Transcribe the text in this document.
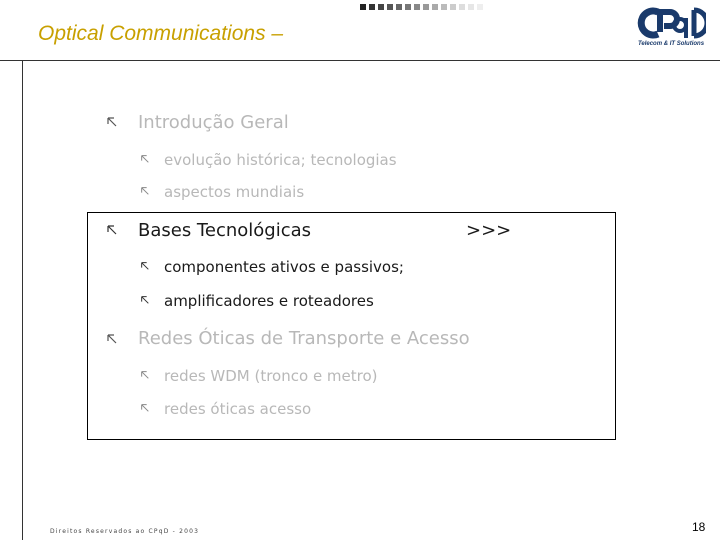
Optical Communications –	Telecom & IT Solutions
Introdução Geral
evolução histórica; tecnologias
aspectos mundiais
Bases Tecnológicas	>>>
componentes ativos e passivos;
amplificadores e roteadores
Redes Óticas de Transporte e Acesso
redes WDM (tronco e metro)
redes óticas acesso
Direitos Reservados ao CPqD - 2003	18
